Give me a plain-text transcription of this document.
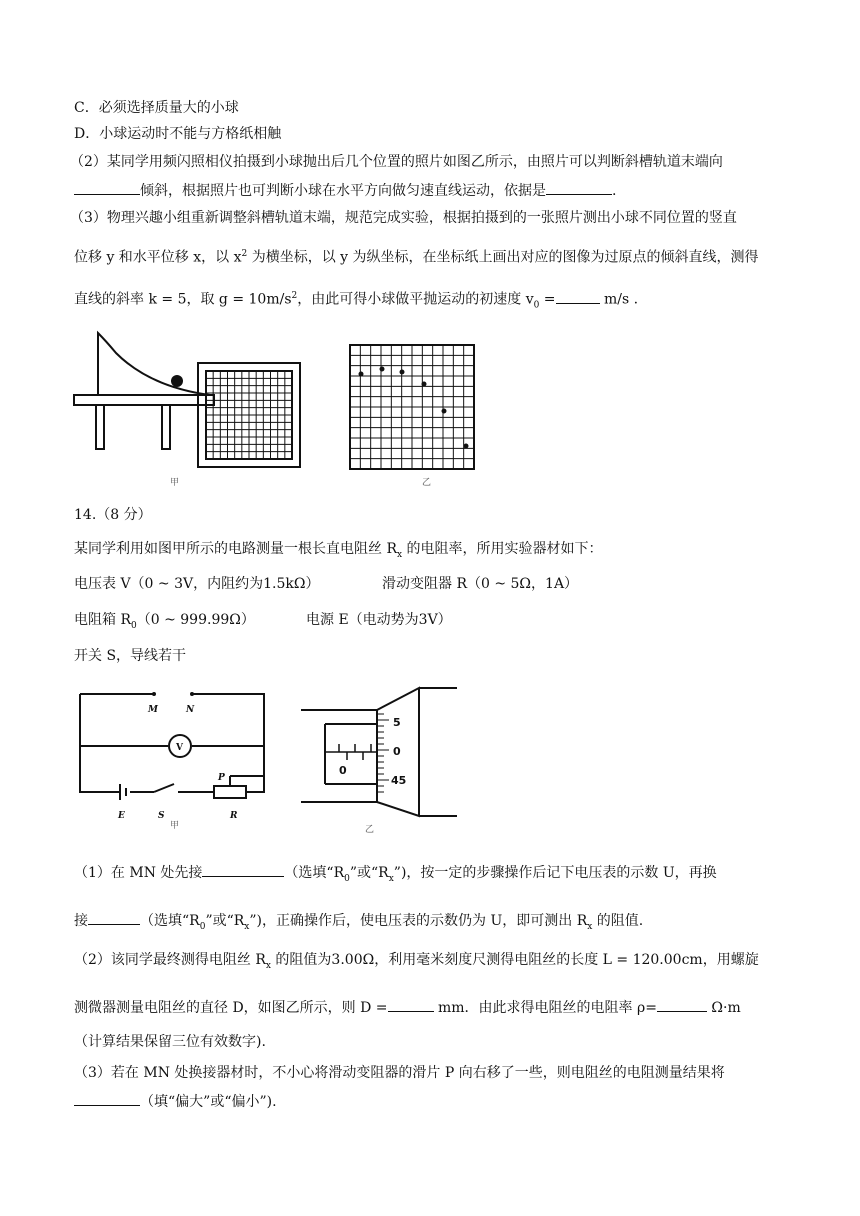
C．必须选择质量大的小球
D．小球运动时不能与方格纸相触
（2）某同学用频闪照相仪拍摄到小球抛出后几个位置的照片如图乙所示，由照片可以判断斜槽轨道末端向
倾斜，根据照片也可判断小球在水平方向做匀速直线运动，依据是	.
（3）物理兴趣小组重新调整斜槽轨道末端，规范完成实验，根据拍摄到的一张照片测出小球不同位置的竖直
位移 y 和水平位移 x，以 $x^2$ 为横坐标，以 y 为纵坐标，在坐标纸上画出对应的图像为过原点的倾斜直线，测得
直线的斜率 k = 5，取 $g = 10m/s^2$，由此可得小球做平抛运动的初速度 $v_0$ =	m/s .
甲	乙
14.（8 分）
某同学利用如图甲所示的电路测量一根长直电阻丝 $R_x$ 的电阻率，所用实验器材如下：
电压表 V（0 ~ 3V，内阻约为1.5kΩ）	滑动变阻器 R（0 ~ 5Ω，1A）
电阻箱 $R_0(0$ ~ 999.99Ω）	电源 E（电动势为3V）
开关 S，导线若干
M	N
V
P
E	S	R
甲
5
0
45
0
乙
（1）在 MN 处先接	（选填“$R_0$”或“$R_x$”)，按一定的步骤操作后记下电压表的示数 U，再换
接	（选填“$R_0$”或“$R_x$”)，正确操作后，使电压表的示数仍为 U，即可测出 $R_x$ 的阻值.
（2）该同学最终测得电阻丝 $R_x$ 的阻值为3.00Ω，利用毫米刻度尺测得电阻丝的长度 L = 120.00cm，用螺旋
测微器测量电阻丝的直径 D，如图乙所示，则 D =	mm．由此求得电阻丝的电阻率 ρ=	Ω·m
（计算结果保留三位有效数字).
（3）若在 MN 处换接器材时，不小心将滑动变阻器的滑片 P 向右移了一些，则电阻丝的电阻测量结果将
（填“偏大”或“偏小”).
